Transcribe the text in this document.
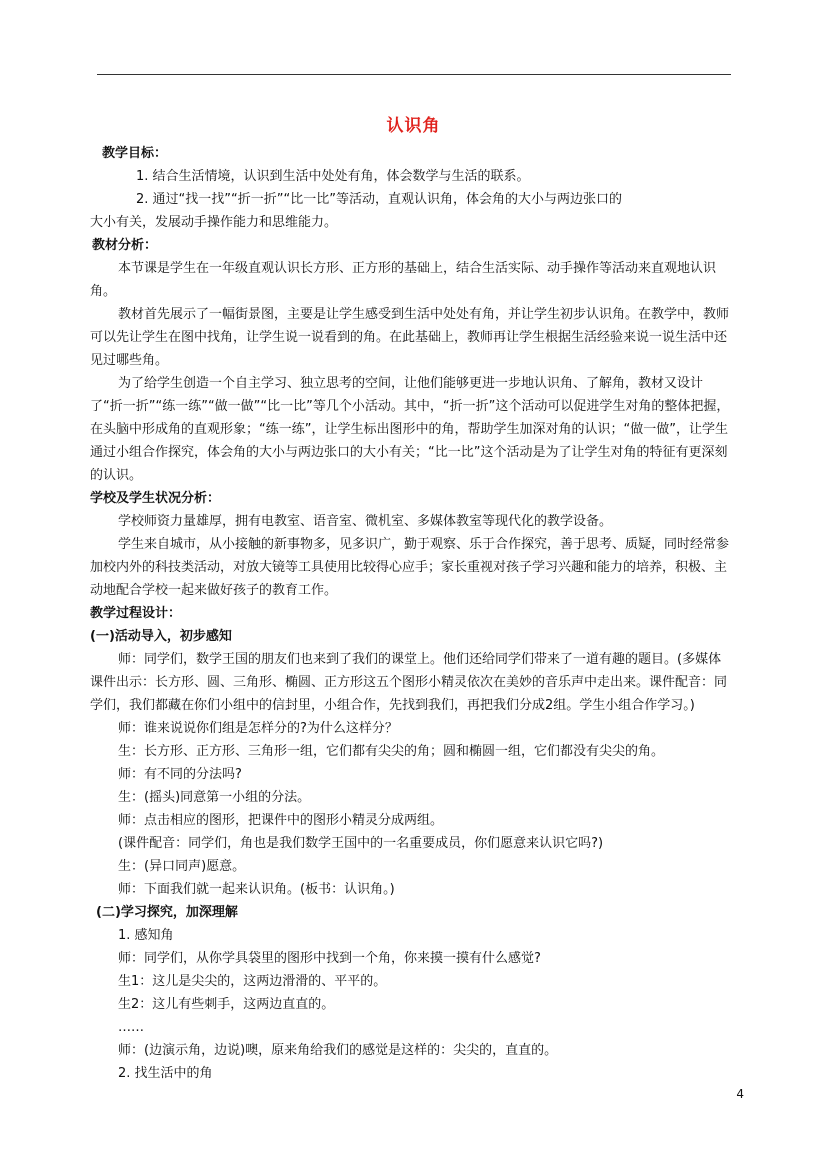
认识角

教学目标：

1. 结合生活情境，认识到生活中处处有角，体会数学与生活的联系。

2. 通过“找一找”“折一折”“比一比”等活动，直观认识角，体会角的大小与两边张口的

大小有关，发展动手操作能力和思维能力。

教材分析：

本节课是学生在一年级直观认识长方形、正方形的基础上，结合生活实际、动手操作等活动来直观地认识角。

教材首先展示了一幅街景图，主要是让学生感受到生活中处处有角，并让学生初步认识角。在教学中，教师可以先让学生在图中找角，让学生说一说看到的角。在此基础上，教师再让学生根据生活经验来说一说生活中还见过哪些角。

为了给学生创造一个自主学习、独立思考的空间，让他们能够更进一步地认识角、了解角，教材又设计了“折一折”“练一练”“做一做”“比一比”等几个小活动。其中，“折一折”这个活动可以促进学生对角的整体把握，在头脑中形成角的直观形象；“练一练”，让学生标出图形中的角，帮助学生加深对角的认识；“做一做”，让学生通过小组合作探究，体会角的大小与两边张口的大小有关；“比一比”这个活动是为了让学生对角的特征有更深刻的认识。

学校及学生状况分析：

学校师资力量雄厚，拥有电教室、语音室、微机室、多媒体教室等现代化的教学设备。

学生来自城市，从小接触的新事物多，见多识广，勤于观察、乐于合作探究，善于思考、质疑，同时经常参加校内外的科技类活动，对放大镜等工具使用比较得心应手；家长重视对孩子学习兴趣和能力的培养，积极、主动地配合学校一起来做好孩子的教育工作。

教学过程设计：

(一)活动导入，初步感知

师：同学们，数学王国的朋友们也来到了我们的课堂上。他们还给同学们带来了一道有趣的题目。(多媒体课件出示：长方形、圆、三角形、椭圆、正方形这五个图形小精灵依次在美妙的音乐声中走出来。课件配音：同学们，我们都藏在你们小组中的信封里，小组合作，先找到我们，再把我们分成2组。学生小组合作学习。)

师：谁来说说你们组是怎样分的?为什么这样分？

生：长方形、正方形、三角形一组，它们都有尖尖的角；圆和椭圆一组，它们都没有尖尖的角。

师：有不同的分法吗?

生：(摇头)同意第一小组的分法。

师：点击相应的图形，把课件中的图形小精灵分成两组。

(课件配音：同学们，角也是我们数学王国中的一名重要成员，你们愿意来认识它吗?)

生：(异口同声)愿意。

师：下面我们就一起来认识角。(板书：认识角。)

(二)学习探究，加深理解

1. 感知角

师：同学们，从你学具袋里的图形中找到一个角，你来摸一摸有什么感觉?

生1：这儿是尖尖的，这两边滑滑的、平平的。

生2：这儿有些刺手，这两边直直的。

……

师：(边演示角，边说)噢，原来角给我们的感觉是这样的：尖尖的，直直的。

2. 找生活中的角

4
